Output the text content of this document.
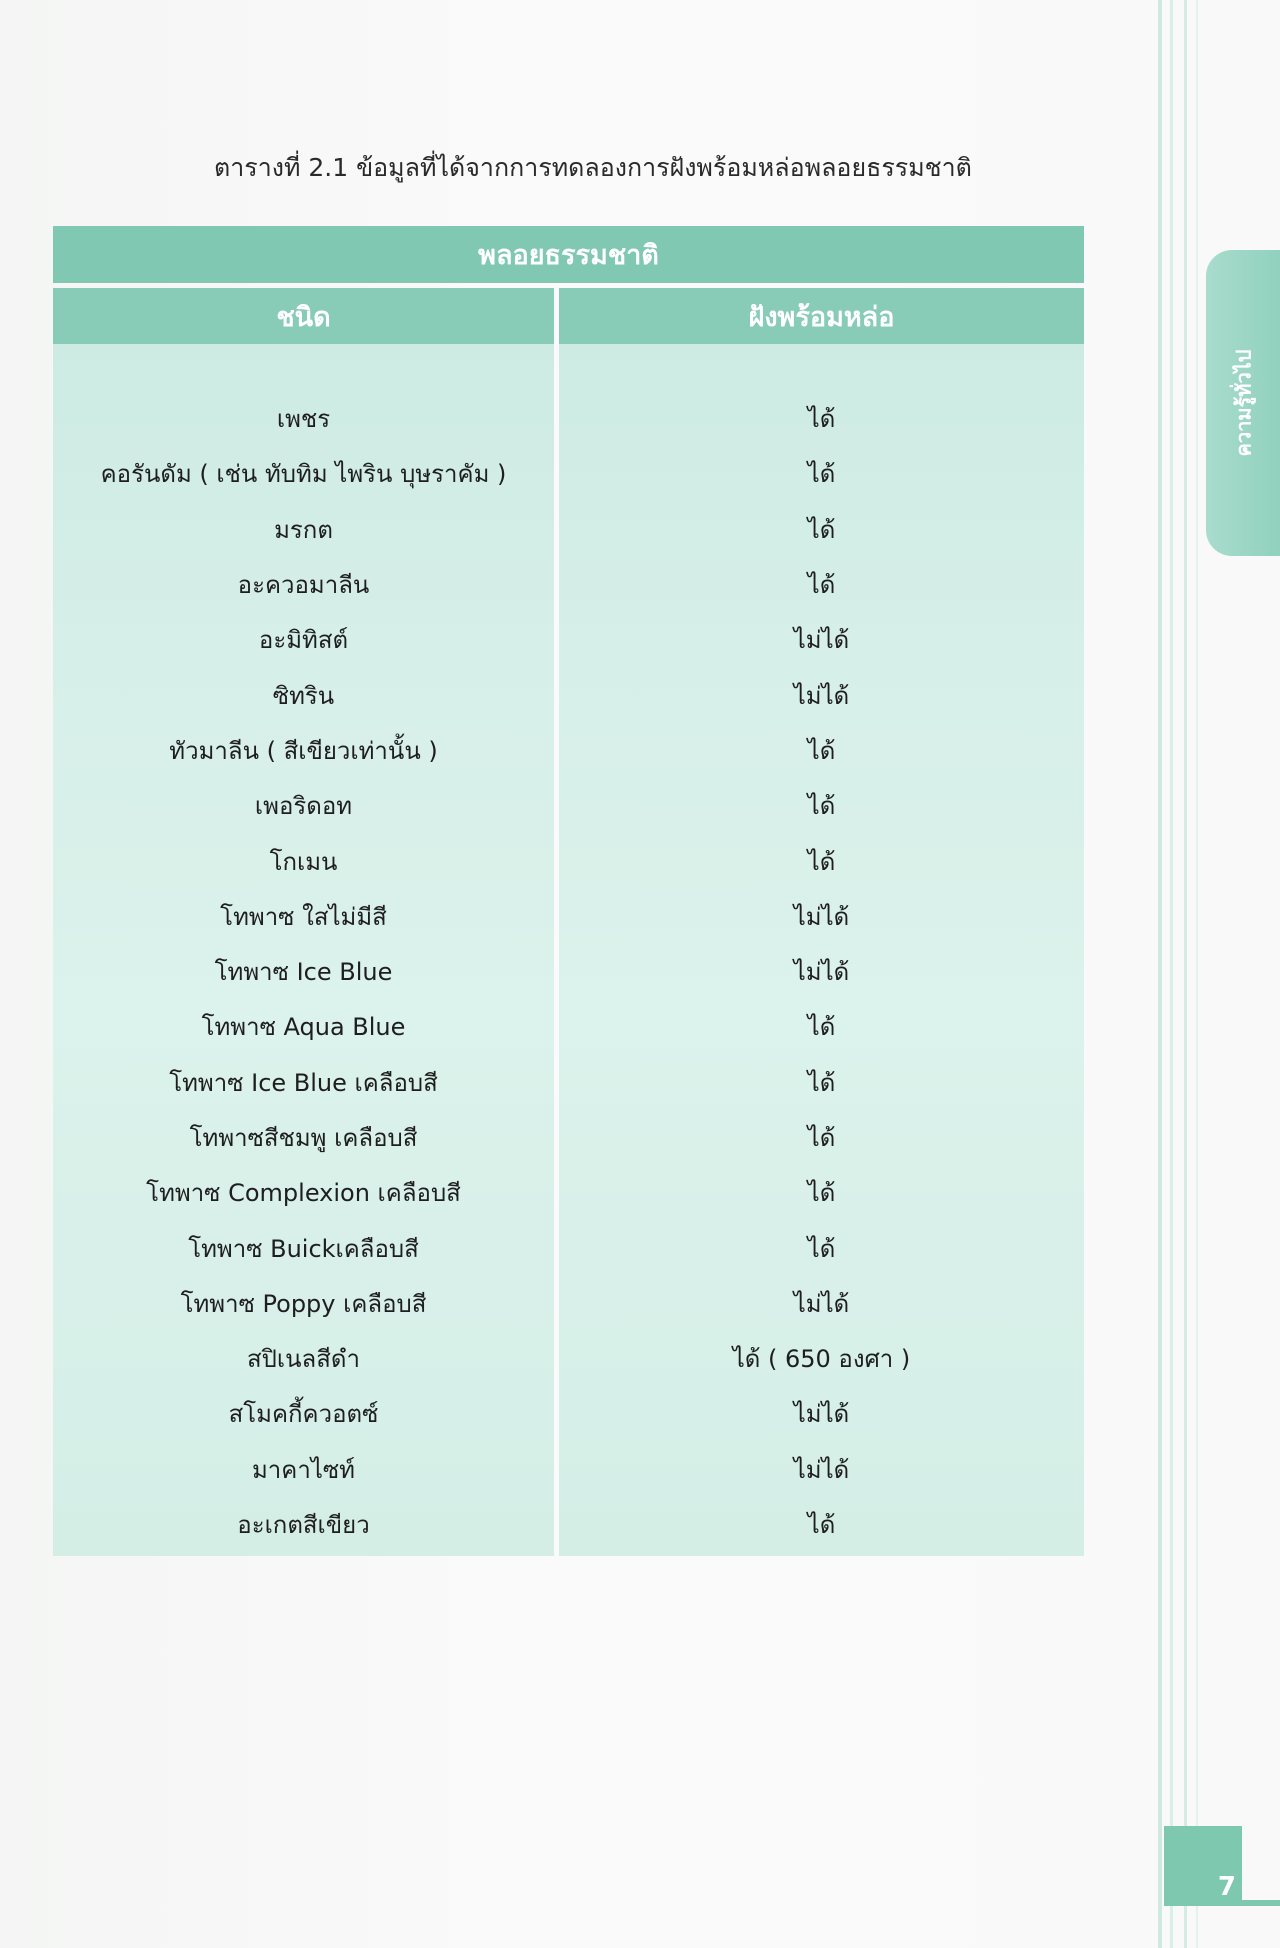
ความรู้ทั่วไป
7
ตารางที่ 2.1 ข้อมูลที่ได้จากการทดลองการฝังพร้อมหล่อพลอยธรรมชาติ
พลอยธรรมชาติ
ชนิด	ฝังพร้อมหล่อ
เพชร	ได้
คอรันดัม ( เช่น ทับทิม ไพริน บุษราคัม )	ได้
มรกต	ได้
อะควอมาลีน	ได้
อะมิทิสต์	ไม่ได้
ซิทริน	ไม่ได้
ทัวมาลีน ( สีเขียวเท่านั้น )	ได้
เพอริดอท	ได้
โกเมน	ได้
โทพาซ ใสไม่มีสี	ไม่ได้
โทพาซ Ice Blue	ไม่ได้
โทพาซ Aqua Blue	ได้
โทพาซ Ice Blue เคลือบสี	ได้
โทพาซสีชมพู เคลือบสี	ได้
โทพาซ Complexion เคลือบสี	ได้
โทพาซ Buickเคลือบสี	ได้
โทพาซ Poppy เคลือบสี	ไม่ได้
สปิเนลสีดำ	ได้ ( 650 องศา )
สโมคกี้ควอตซ์	ไม่ได้
มาคาไซท์	ไม่ได้
อะเกตสีเขียว	ได้
